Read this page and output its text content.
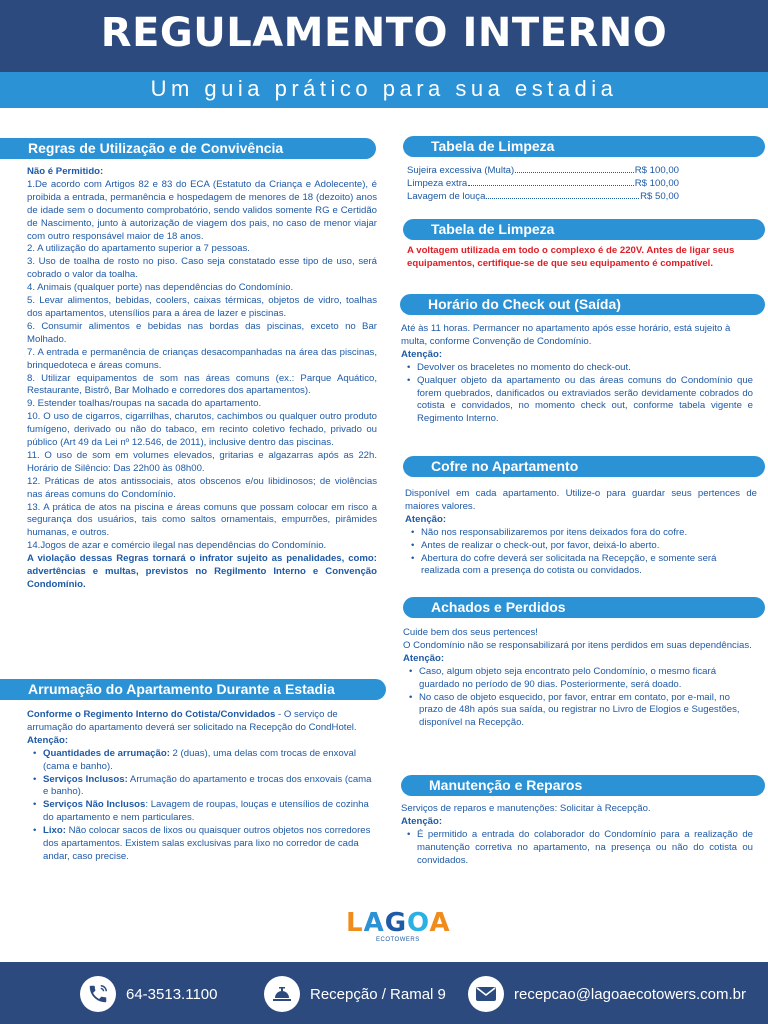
REGULAMENTO INTERNO
Um guia prático para sua estadia
Regras de Utilização e de Convivência
Não é Permitido:
1.De acordo com Artigos 82 e 83 do ECA (Estatuto da Criança e Adolecente), é proibida a entrada, permanência e hospedagem de menores de 18 (dezoito) anos de idade sem o documento comprobatório, sendo validos somente RG e Certidão de Nascimento, junto à autorização de viagem dos pais, no caso de menor viajar com outro responsável maior de 18 anos.
2. A utilização do apartamento superior a 7 pessoas.
3. Uso de toalha de rosto no piso. Caso seja constatado esse tipo de uso, será cobrado o valor da toalha.
4. Animais (qualquer porte) nas dependências do Condomínio.
5. Levar alimentos, bebidas, coolers, caixas térmicas, objetos de vidro, toalhas dos apartamentos, utensílios para a área de lazer e piscinas.
6. Consumir alimentos e bebidas nas bordas das piscinas, exceto no Bar Molhado.
7. A entrada e permanência de crianças desacompanhadas na área das piscinas, brinquedoteca e áreas comuns.
8. Utilizar equipamentos de som nas áreas comuns (ex.: Parque Aquático, Restaurante, Bistrô, Bar Molhado e corredores dos apartamentos).
9. Estender toalhas/roupas na sacada do apartamento.
10. O uso de cigarros, cigarrilhas, charutos, cachimbos ou qualquer outro produto fumígeno, derivado ou não do tabaco, em recinto coletivo fechado, privado ou público (Art 49 da Lei nº 12.546, de 2011), inclusive dentro das piscinas.
11. O uso de som em volumes elevados, gritarias e algazarras após as 22h. Horário de Silêncio: Das 22h00 às 08h00.
12. Práticas de atos antissociais, atos obscenos e/ou libidinosos; de violências nas áreas comuns do Condomínio.
13. A prática de atos na piscina e áreas comuns que possam colocar em risco a segurança dos usuários, tais como saltos ornamentais, empurrões, pirâmides humanas, e outros.
14.Jogos de azar e comércio ilegal nas dependências do Condomínio.
A violação dessas Regras tornará o infrator sujeito as penalidades, como: advertências e multas, previstos no Regilmento Interno e Convenção Condomínio.
Arrumação do Apartamento Durante a Estadia
Conforme o Regimento Interno do Cotista/Convidados - O serviço de arrumação do apartamento deverá ser solicitado na Recepção do CondHotel.
Atenção:
• Quantidades de arrumação: 2 (duas), uma delas com trocas de enxoval (cama e banho).
• Serviços Inclusos: Arrumação do apartamento e trocas dos enxovais (cama e banho).
• Serviços Não Inclusos: Lavagem de roupas, louças e utensílios de cozinha do apartamento e nem particulares.
• Lixo: Não colocar sacos de lixos ou quaisquer outros objetos nos corredores dos apartamentos. Existem salas exclusivas para lixo no corredor de cada andar, caso precise.
Tabela de Limpeza
Sujeira excessiva (Multa)	R$ 100,00
Limpeza extra	R$ 100,00
Lavagem de louça	R$ 50,00
Tabela de Limpeza
A voltagem utilizada em todo o complexo é de 220V. Antes de ligar seus equipamentos, certifique-se de que seu equipamento é compatível.
Horário do Check out (Saída)
Até às 11 horas. Permancer no apartamento após esse horário, está sujeito à multa, conforme Convenção de Condomínio.
Atenção:
• Devolver os braceletes no momento do check-out.
• Qualquer objeto da apartamento ou das áreas comuns do Condomínio que forem quebrados, danificados ou extraviados serão devidamente cobrados do cotista e convidados, no momento check out, conforme tabela vigente e Regimento Interno.
Cofre no Apartamento
Disponível em cada apartamento. Utilize-o para guardar seus pertences de maiores valores.
Atenção:
• Não nos responsabilizaremos por itens deixados fora do cofre.
• Antes de realizar o check-out, por favor, deixá-lo aberto.
• Abertura do cofre deverá ser solicitada na Recepção, e somente será realizada com a presença do cotista ou convidados.
Achados e Perdidos
Cuide bem dos seus pertences!
O Condomínio não se responsabilizará por itens perdidos em suas dependências.
Atenção:
• Caso, algum objeto seja encontrato pelo Condomínio, o mesmo ficará guardado no período de 90 dias. Posteriormente, será doado.
• No caso de objeto esquecido, por favor, entrar em contato, por e-mail, no prazo de 48h após sua saída, ou registrar no Livro de Elogios e Sugestões, disponível na Recepção.
Manutenção e Reparos
Serviços de reparos e manutenções: Solicitar à Recepção.
Atenção:
• É permitido a entrada do colaborador do Condomínio para a realização de manutenção corretiva no apartamento, na presença ou não do cotista ou convidados.
LAGOA
ECOTOWERS
64-3513.1100	Recepção / Ramal 9	recepcao@lagoaecotowers.com.br
